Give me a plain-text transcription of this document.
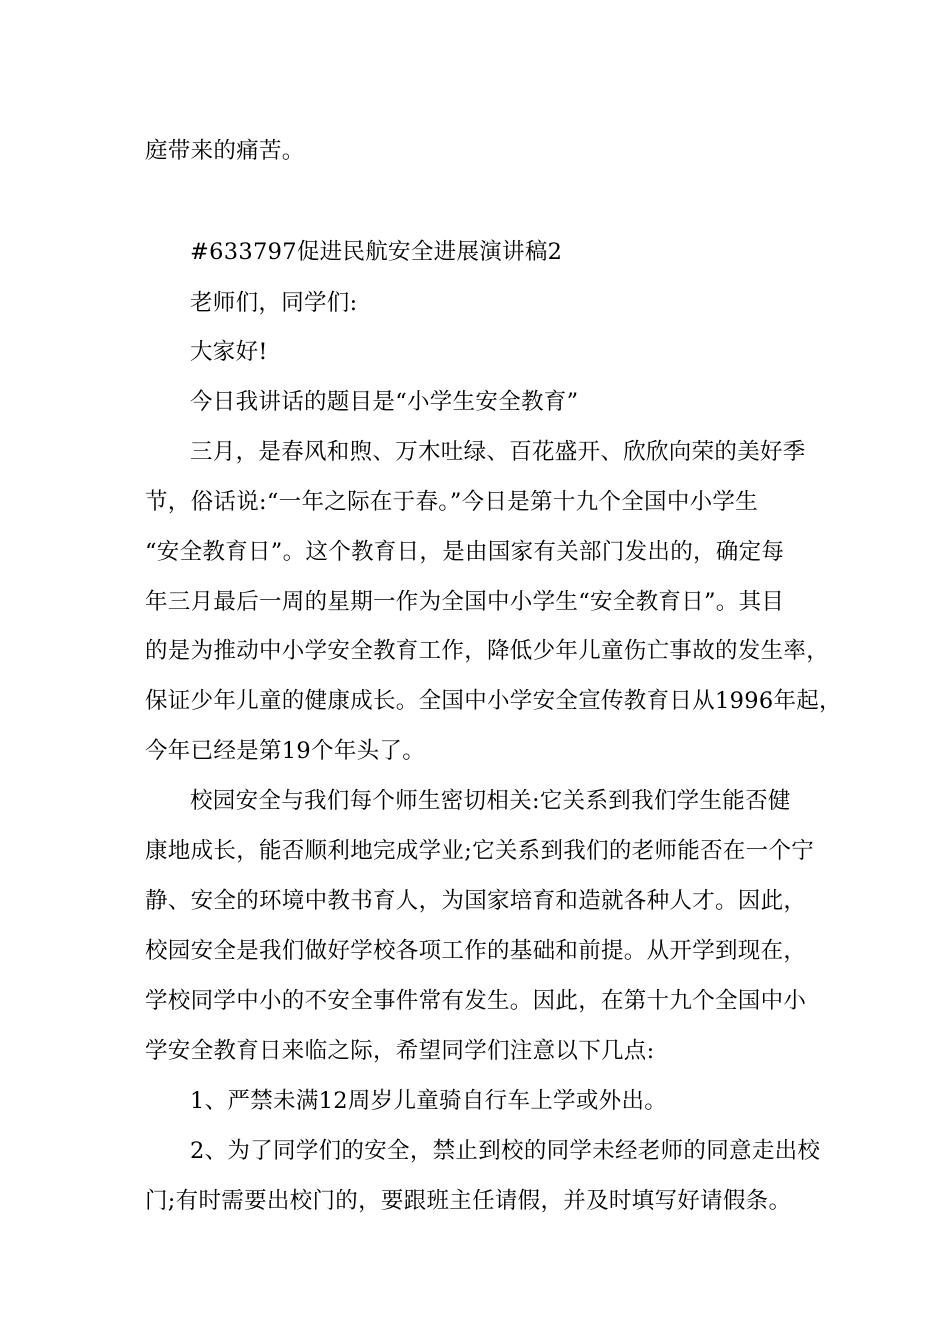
庭带来的痛苦。
#633797促进民航安全进展演讲稿2
老师们，同学们:
大家好!
今日我讲话的题目是“小学生安全教育”
三月，是春风和煦、万木吐绿、百花盛开、欣欣向荣的美好季
节，俗话说:“一年之际在于春。”今日是第十九个全国中小学生
“安全教育日”。这个教育日，是由国家有关部门发出的，确定每
年三月最后一周的星期一作为全国中小学生“安全教育日”。其目
的是为推动中小学安全教育工作，降低少年儿童伤亡事故的发生率，
保证少年儿童的健康成长。全国中小学安全宣传教育日从1996年起，
今年已经是第19个年头了。
校园安全与我们每个师生密切相关:它关系到我们学生能否健
康地成长，能否顺利地完成学业;它关系到我们的老师能否在一个宁
静、安全的环境中教书育人，为国家培育和造就各种人才。因此，
校园安全是我们做好学校各项工作的基础和前提。从开学到现在，
学校同学中小的不安全事件常有发生。因此，在第十九个全国中小
学安全教育日来临之际，希望同学们注意以下几点:
1、严禁未满12周岁儿童骑自行车上学或外出。
2、为了同学们的安全，禁止到校的同学未经老师的同意走出校
门;有时需要出校门的，要跟班主任请假，并及时填写好请假条。
